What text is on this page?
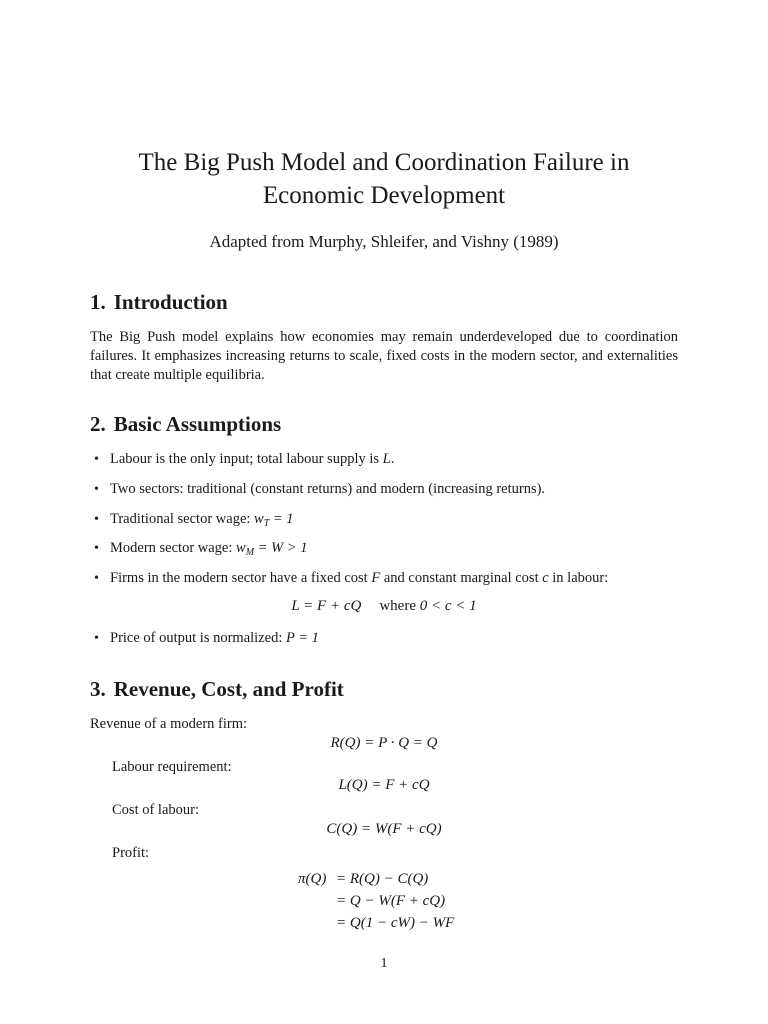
The Big Push Model and Coordination Failure in Economic Development

Adapted from Murphy, Shleifer, and Vishny (1989)

1. Introduction

The Big Push model explains how economies may remain underdeveloped due to coordination failures. It emphasizes increasing returns to scale, fixed costs in the modern sector, and externalities that create multiple equilibria.

2. Basic Assumptions
• Labour is the only input; total labour supply is L.
• Two sectors: traditional (constant returns) and modern (increasing returns).
• Traditional sector wage: $w_T = 1$
• Modern sector wage: $w_M = W > 1$
• Firms in the modern sector have a fixed cost F and constant marginal cost c in labour:
• Price of output is normalized: P = 1
L = F + cQ where 0 < c < 1
3. Revenue, Cost, and Profit

Revenue of a modern firm:

R(Q) = P · Q = Q

Labour requirement:

L(Q) = F + cQ

Cost of labour:

C(Q) = W(F + cQ)

Profit:

π(Q) = R(Q) − C(Q)
= Q − W(F + cQ)
= Q(1 − cW) − WF
1
